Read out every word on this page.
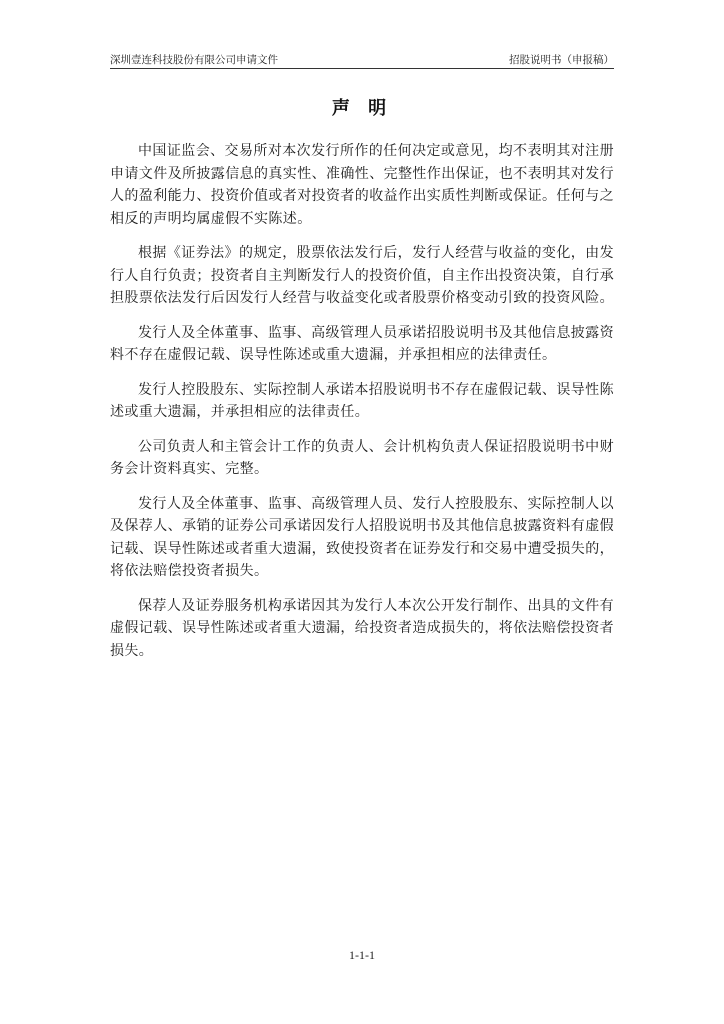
深圳壹连科技股份有限公司申请文件	招股说明书（申报稿）
声 明

中国证监会、交易所对本次发行所作的任何决定或意见，均不表明其对注册申请文件及所披露信息的真实性、准确性、完整性作出保证，也不表明其对发行人的盈利能力、投资价值或者对投资者的收益作出实质性判断或保证。任何与之相反的声明均属虚假不实陈述。

根据《证券法》的规定，股票依法发行后，发行人经营与收益的变化，由发行人自行负责；投资者自主判断发行人的投资价值，自主作出投资决策，自行承担股票依法发行后因发行人经营与收益变化或者股票价格变动引致的投资风险。

发行人及全体董事、监事、高级管理人员承诺招股说明书及其他信息披露资料不存在虚假记载、误导性陈述或重大遗漏，并承担相应的法律责任。

发行人控股股东、实际控制人承诺本招股说明书不存在虚假记载、误导性陈述或重大遗漏，并承担相应的法律责任。

公司负责人和主管会计工作的负责人、会计机构负责人保证招股说明书中财务会计资料真实、完整。

发行人及全体董事、监事、高级管理人员、发行人控股股东、实际控制人以及保荐人、承销的证券公司承诺因发行人招股说明书及其他信息披露资料有虚假记载、误导性陈述或者重大遗漏，致使投资者在证券发行和交易中遭受损失的，将依法赔偿投资者损失。

保荐人及证券服务机构承诺因其为发行人本次公开发行制作、出具的文件有虚假记载、误导性陈述或者重大遗漏，给投资者造成损失的，将依法赔偿投资者损失。

1-1-1
